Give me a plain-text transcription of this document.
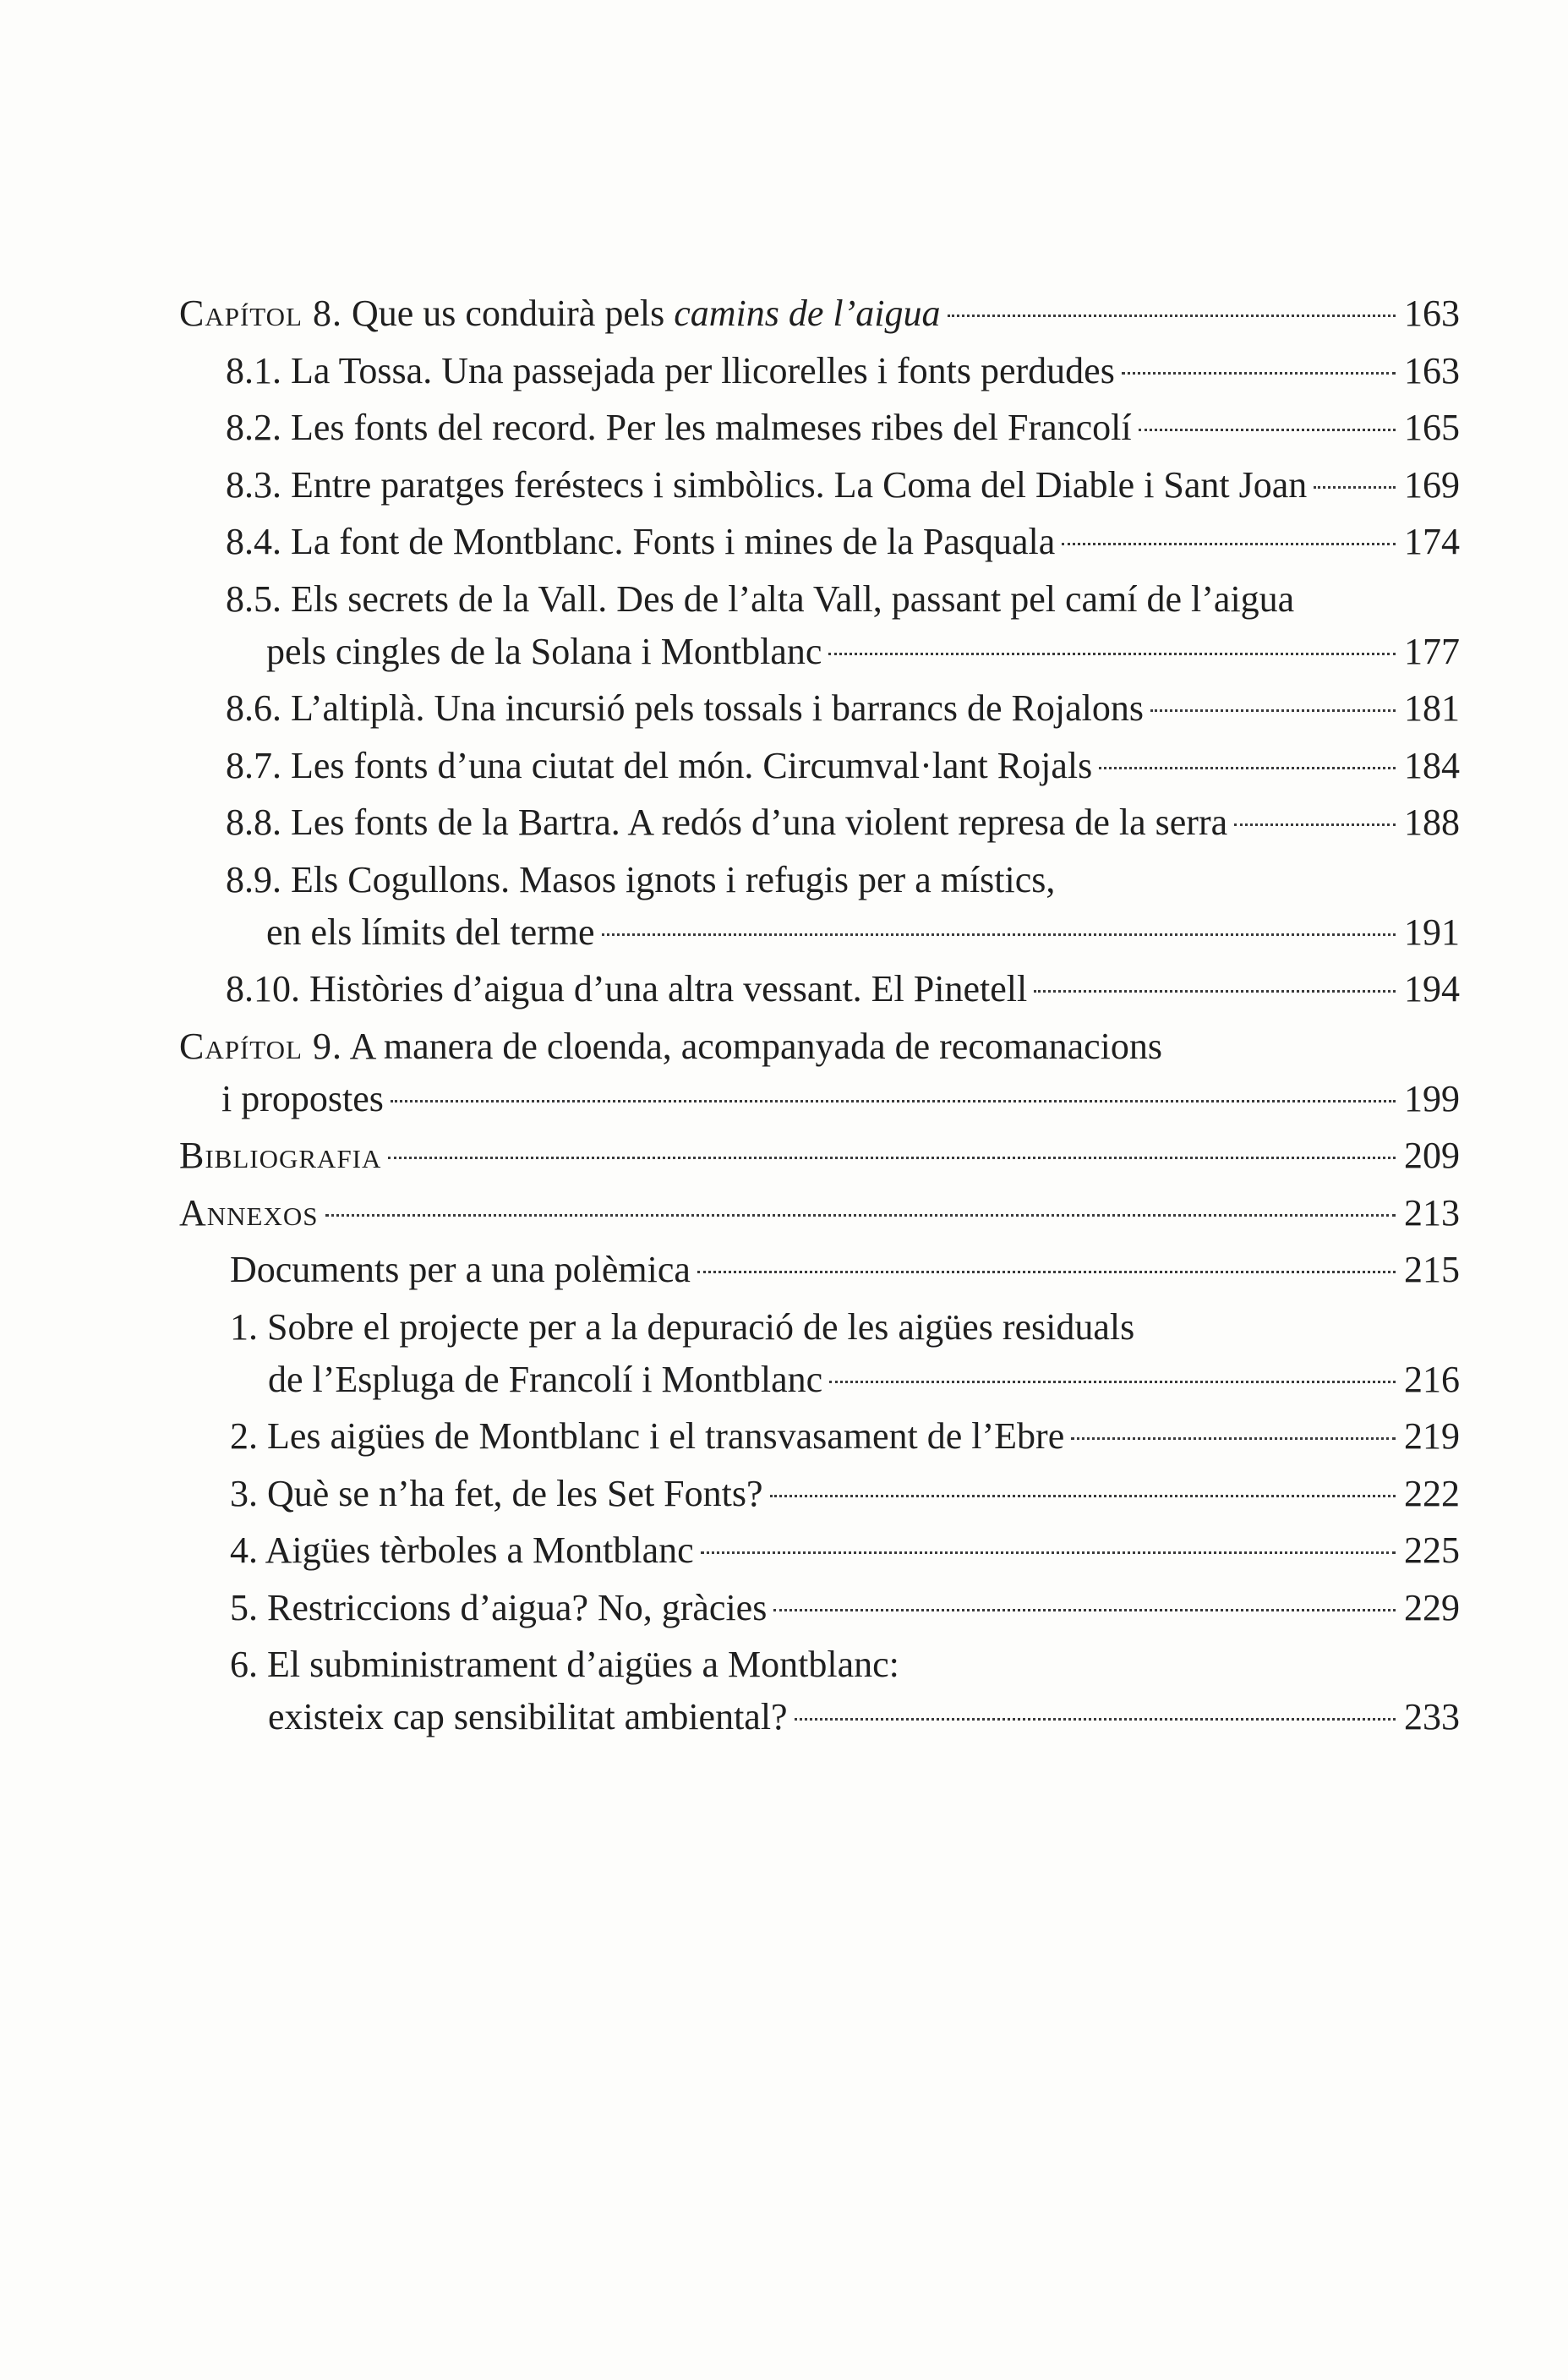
Capítol 8. Que us conduirà pels camins de l’aigua	163
8.1. La Tossa. Una passejada per llicorelles i fonts perdudes	163
8.2. Les fonts del record. Per les malmeses ribes del Francolí	165
8.3. Entre paratges feréstecs i simbòlics. La Coma del Diable i Sant Joan	169
8.4. La font de Montblanc. Fonts i mines de la Pasquala	174
8.5. Els secrets de la Vall. Des de l’alta Vall, passant pel camí de l’aigua
pels cingles de la Solana i Montblanc	177
8.6. L’altiplà. Una incursió pels tossals i barrancs de Rojalons	181
8.7. Les fonts d’una ciutat del món. Circumval·lant Rojals	184
8.8. Les fonts de la Bartra. A redós d’una violent represa de la serra	188
8.9. Els Cogullons. Masos ignots i refugis per a místics,
en els límits del terme	191
8.10. Històries d’aigua d’una altra vessant. El Pinetell	194
Capítol 9. A manera de cloenda, acompanyada de recomanacions
i propostes	199
Bibliografia	209
Annexos	213
Documents per a una polèmica	215
1. Sobre el projecte per a la depuració de les aigües residuals
de l’Espluga de Francolí i Montblanc	216
2. Les aigües de Montblanc i el transvasament de l’Ebre	219
3. Què se n’ha fet, de les Set Fonts?	222
4. Aigües tèrboles a Montblanc	225
5. Restriccions d’aigua? No, gràcies	229
6. El subministrament d’aigües a Montblanc:
existeix cap sensibilitat ambiental?	233
